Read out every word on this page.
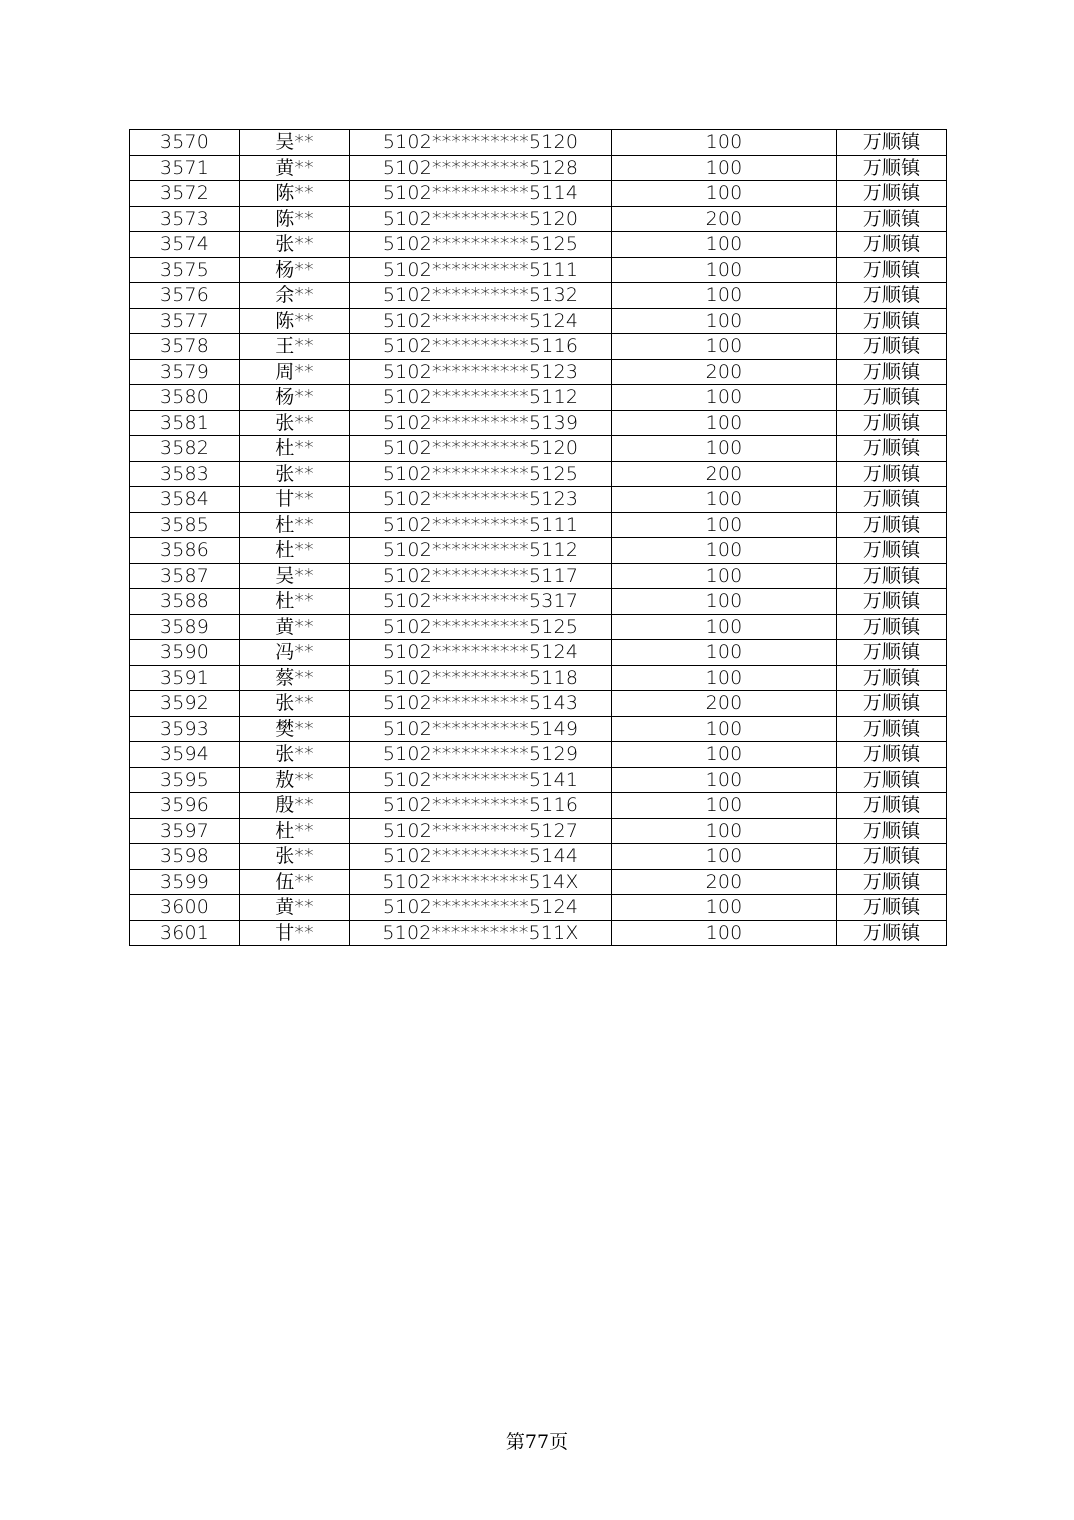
3570	吴**	5102**********5120	100	万顺镇
3571	黄**	5102**********5128	100	万顺镇
3572	陈**	5102**********5114	100	万顺镇
3573	陈**	5102**********5120	200	万顺镇
3574	张**	5102**********5125	100	万顺镇
3575	杨**	5102**********5111	100	万顺镇
3576	余**	5102**********5132	100	万顺镇
3577	陈**	5102**********5124	100	万顺镇
3578	王**	5102**********5116	100	万顺镇
3579	周**	5102**********5123	200	万顺镇
3580	杨**	5102**********5112	100	万顺镇
3581	张**	5102**********5139	100	万顺镇
3582	杜**	5102**********5120	100	万顺镇
3583	张**	5102**********5125	200	万顺镇
3584	甘**	5102**********5123	100	万顺镇
3585	杜**	5102**********5111	100	万顺镇
3586	杜**	5102**********5112	100	万顺镇
3587	吴**	5102**********5117	100	万顺镇
3588	杜**	5102**********5317	100	万顺镇
3589	黄**	5102**********5125	100	万顺镇
3590	冯**	5102**********5124	100	万顺镇
3591	蔡**	5102**********5118	100	万顺镇
3592	张**	5102**********5143	200	万顺镇
3593	樊**	5102**********5149	100	万顺镇
3594	张**	5102**********5129	100	万顺镇
3595	敖**	5102**********5141	100	万顺镇
3596	殷**	5102**********5116	100	万顺镇
3597	杜**	5102**********5127	100	万顺镇
3598	张**	5102**********5144	100	万顺镇
3599	伍**	5102**********514X	200	万顺镇
3600	黄**	5102**********5124	100	万顺镇
3601	甘**	5102**********511X	100	万顺镇
第77页
